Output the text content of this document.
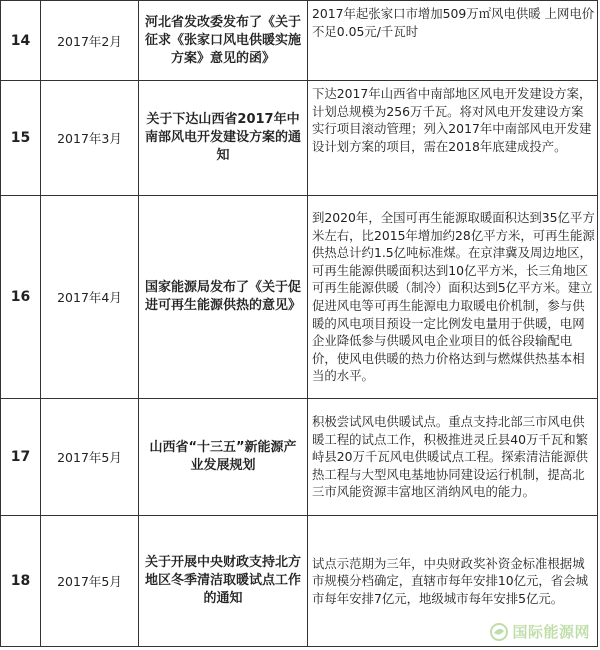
14	2017年2月	河北省发改委发布了《关于征求《张家口风电供暖实施方案》意见的函》	2017年起张家口市增加509万㎡风电供暖 上网电价不足0.05元/千瓦时

15	2017年3月	关于下达山西省2017年中南部风电开发建设方案的通知	下达2017年山西省中南部地区风电开发建设方案，计划总规模为256万千瓦。将对风电开发建设方案实行项目滚动管理；列入2017年中南部风电开发建设计划方案的项目，需在2018年底建成投产。

16	2017年4月	国家能源局发布了《关于促进可再生能源供热的意见》	到2020年，全国可再生能源取暖面积达到35亿平方米左右，比2015年增加约28亿平方米，可再生能源供热总计约1.5亿吨标准煤。在京津冀及周边地区，可再生能源供暖面积达到10亿平方米，长三角地区可再生能源供暖（制冷）面积达到5亿平方米。建立促进风电等可再生能源电力取暖电价机制，参与供暖的风电项目预设一定比例发电量用于供暖，电网企业降低参与供暖风电企业项目的低谷段输配电价，使风电供暖的热力价格达到与燃煤供热基本相当的水平。

17	2017年5月	山西省“十三五”新能源产业发展规划	积极尝试风电供暖试点。重点支持北部三市风电供暖工程的试点工作，积极推进灵丘县40万千瓦和繁峙县20万千瓦风电供暖试点工程。探索清洁能源供热工程与大型风电基地协同建设运行机制，提高北三市风能资源丰富地区消纳风电的能力。

18	2017年5月	关于开展中央财政支持北方地区冬季清洁取暖试点工作的通知	试点示范期为三年，中央财政奖补资金标准根据城市规模分档确定，直辖市每年安排10亿元，省会城市每年安排7亿元，地级城市每年安排5亿元。
国际能源网
